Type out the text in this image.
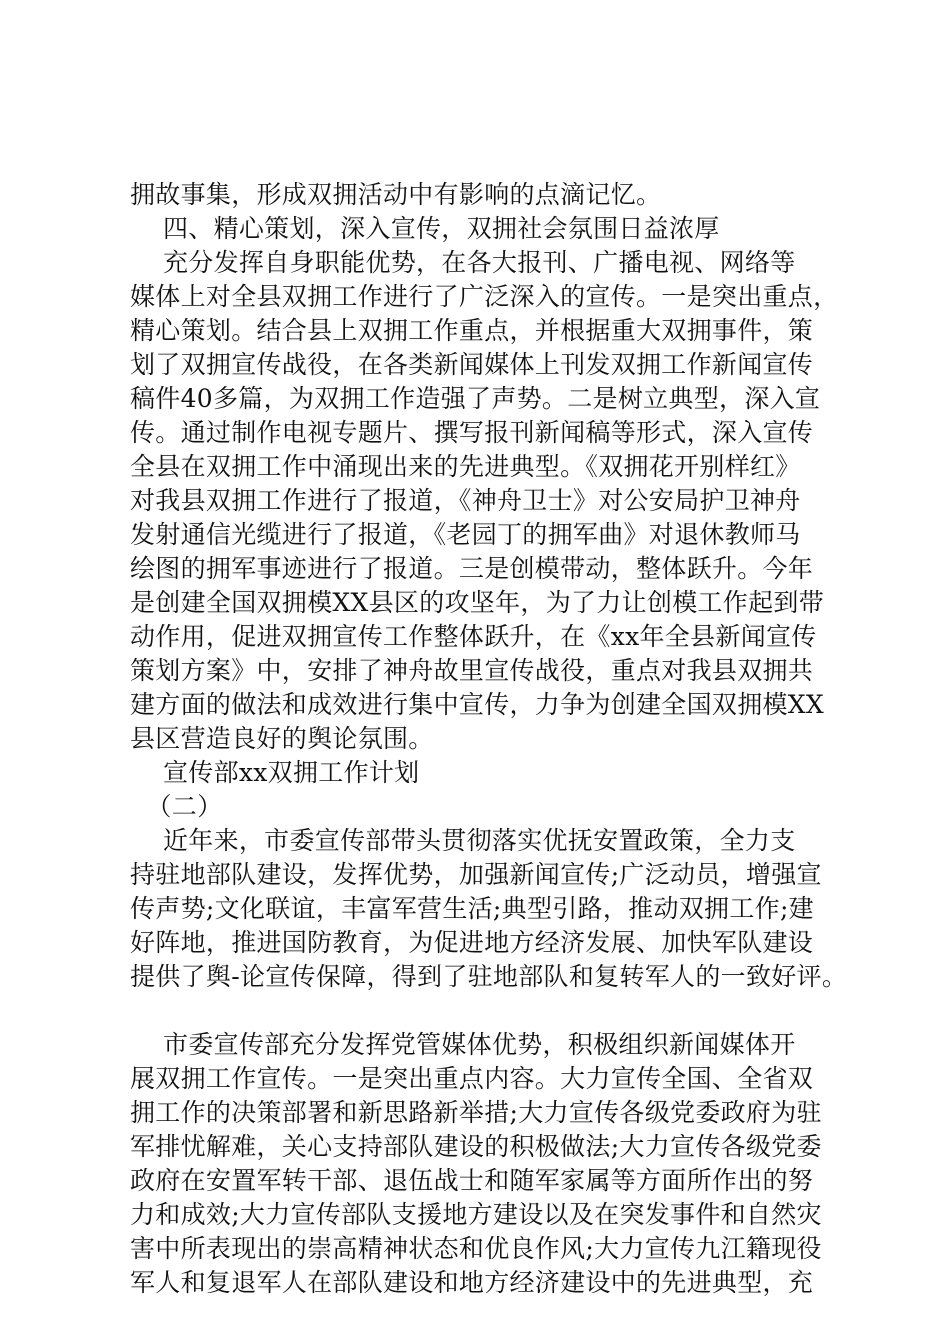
拥故事集，形成双拥活动中有影响的点滴记忆。
四、精心策划，深入宣传，双拥社会氛围日益浓厚
充分发挥自身职能优势，在各大报刊、广播电视、网络等
媒体上对全县双拥工作进行了广泛深入的宣传。一是突出重点，
精心策划。结合县上双拥工作重点，并根据重大双拥事件，策
划了双拥宣传战役，在各类新闻媒体上刊发双拥工作新闻宣传
稿件40多篇，为双拥工作造强了声势。二是树立典型，深入宣
传。通过制作电视专题片、撰写报刊新闻稿等形式，深入宣传
全县在双拥工作中涌现出来的先进典型。《双拥花开别样红》
对我县双拥工作进行了报道，《神舟卫士》对公安局护卫神舟
发射通信光缆进行了报道，《老园丁的拥军曲》对退休教师马
绘图的拥军事迹进行了报道。三是创模带动，整体跃升。今年
是创建全国双拥模XX县区的攻坚年，为了力让创模工作起到带
动作用，促进双拥宣传工作整体跃升，在《xx年全县新闻宣传
策划方案》中，安排了神舟故里宣传战役，重点对我县双拥共
建方面的做法和成效进行集中宣传，力争为创建全国双拥模XX
县区营造良好的舆论氛围。
宣传部xx双拥工作计划
（二）
近年来，市委宣传部带头贯彻落实优抚安置政策，全力支
持驻地部队建设，发挥优势，加强新闻宣传;广泛动员，增强宣
传声势;文化联谊，丰富军营生活;典型引路，推动双拥工作;建
好阵地，推进国防教育，为促进地方经济发展、加快军队建设
提供了舆-论宣传保障，得到了驻地部队和复转军人的一致好评。
市委宣传部充分发挥党管媒体优势，积极组织新闻媒体开
展双拥工作宣传。一是突出重点内容。大力宣传全国、全省双
拥工作的决策部署和新思路新举措;大力宣传各级党委政府为驻
军排忧解难，关心支持部队建设的积极做法;大力宣传各级党委
政府在安置军转干部、退伍战士和随军家属等方面所作出的努
力和成效;大力宣传部队支援地方建设以及在突发事件和自然灾
害中所表现出的崇高精神状态和优良作风;大力宣传九江籍现役
军人和复退军人在部队建设和地方经济建设中的先进典型，充
